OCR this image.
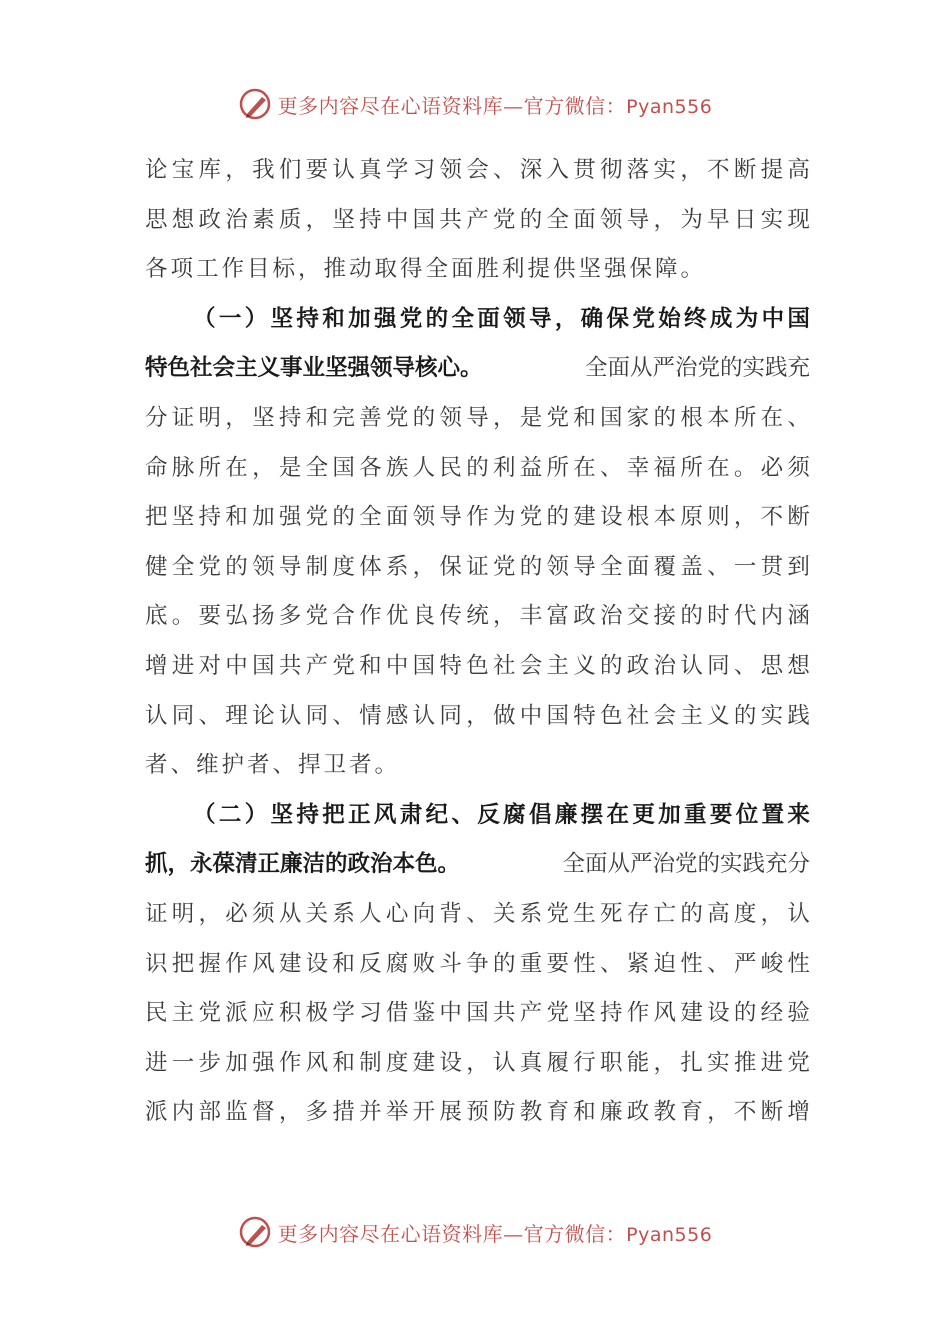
更多内容尽在心语资料库—官方微信：Pyan556
论 宝 库 ， 我 们 要 认 真 学 习 领 会 、 深 入 贯 彻 落 实 ， 不 断 提 高
思 想 政 治 素 质 ， 坚 持 中 国 共 产 党 的 全 面 领 导 ， 为 早 日 实 现
各项工作目标，推动取得全面胜利提供坚强保障。
（ 一 ） 坚 持 和 加 强 党 的 全 面 领 导 ， 确 保 党 始 终 成 为 中 国
特色社会主义事业坚强领导核心。	全面从严治党的实践充
分 证 明 ， 坚 持 和 完 善 党 的 领 导 ， 是 党 和 国 家 的 根 本 所 在 、
命 脉 所 在 ， 是 全 国 各 族 人 民 的 利 益 所 在 、 幸 福 所 在 。 必 须
把 坚 持 和 加 强 党 的 全 面 领 导 作 为 党 的 建 设 根 本 原 则 ， 不 断
健 全 党 的 领 导 制 度 体 系 ， 保 证 党 的 领 导 全 面 覆 盖 、 一 贯 到
底 。 要 弘 扬 多 党 合 作 优 良 传 统 ， 丰 富 政 治 交 接 的 时 代 内 涵
增 进 对 中 国 共 产 党 和 中 国 特 色 社 会 主 义 的 政 治 认 同 、 思 想
认 同 、 理 论 认 同 、 情 感 认 同 ， 做 中 国 特 色 社 会 主 义 的 实 践
者、维护者、捍卫者。
（ 二 ） 坚 持 把 正 风 肃 纪 、 反 腐 倡 廉 摆 在 更 加 重 要 位 置 来
抓，永葆清正廉洁的政治本色。	全面从严治党的实践充分
证 明 ， 必 须 从 关 系 人 心 向 背 、 关 系 党 生 死 存 亡 的 高 度 ， 认
识 把 握 作 风 建 设 和 反 腐 败 斗 争 的 重 要 性 、 紧 迫 性 、 严 峻 性
民 主 党 派 应 积 极 学 习 借 鉴 中 国 共 产 党 坚 持 作 风 建 设 的 经 验
进 一 步 加 强 作 风 和 制 度 建 设 ， 认 真 履 行 职 能 ， 扎 实 推 进 党
派 内 部 监 督 ， 多 措 并 举 开 展 预 防 教 育 和 廉 政 教 育 ， 不 断 增
更多内容尽在心语资料库—官方微信：Pyan556
